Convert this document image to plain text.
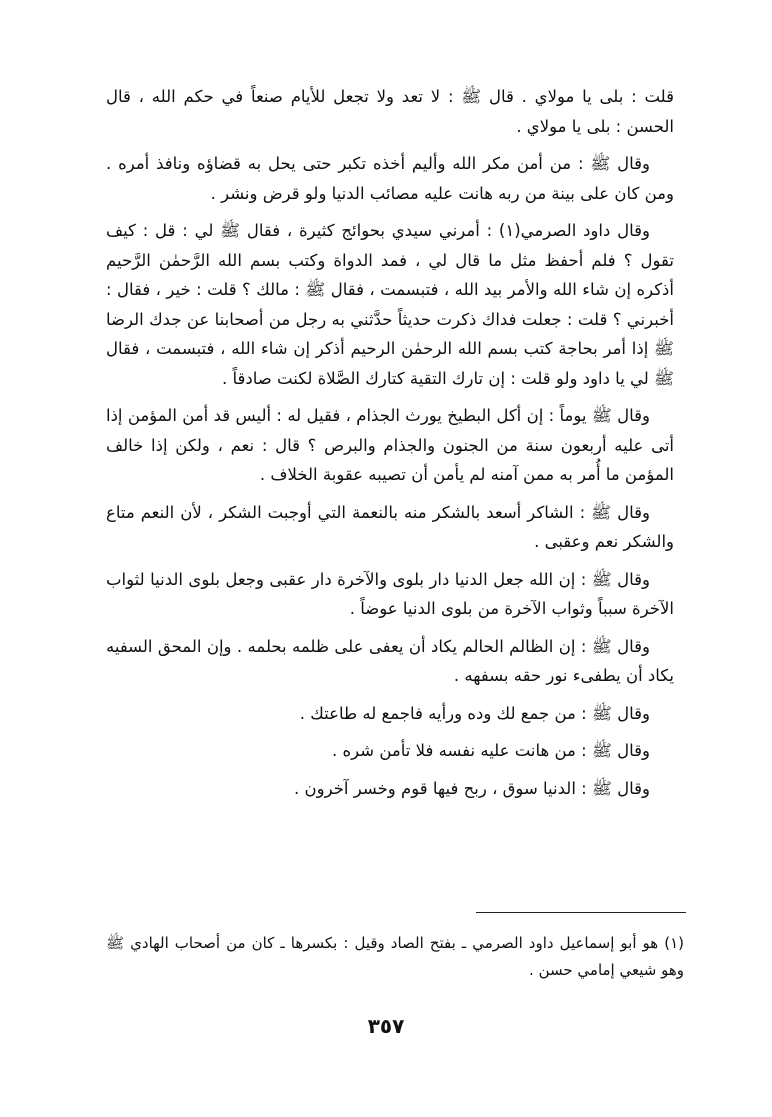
قلت : بلى يا مولاي . قال ﷺ : لا تعد ولا تجعل للأيام صنعاً في حكم الله ، قال الحسن : بلى يا مولاي .

وقال ﷺ : من أمن مكر الله وأليم أخذه تكبر حتى يحل به قضاؤه ونافذ أمره . ومن كان على بينة من ربه هانت عليه مصائب الدنيا ولو قرض ونشر .

وقال داود الصرمي(١) : أمرني سيدي بحوائج كثيرة ، فقال ﷺ لي : قل : كيف تقول ؟ فلم أحفظ مثل ما قال لي ، فمد الدواة وكتب بسم الله الرَّحمٰن الرَّحيم أذكره إن شاء الله والأمر بيد الله ، فتبسمت ، فقال ﷺ : مالك ؟ قلت : خير ، فقال : أخبرني ؟ قلت : جعلت فداك ذكرت حديثاً حدَّثني به رجل من أصحابنا عن جدك الرضا ﷺ إذا أمر بحاجة كتب بسم الله الرحمٰن الرحيم أذكر إن شاء الله ، فتبسمت ، فقال ﷺ لي يا داود ولو قلت : إن تارك التقية كتارك الصَّلاة لكنت صادقاً .

وقال ﷺ يوماً : إن أكل البطيخ يورث الجذام ، فقيل له : أليس قد أمن المؤمن إذا أتى عليه أربعون سنة من الجنون والجذام والبرص ؟ قال : نعم ، ولكن إذا خالف المؤمن ما أُمر به ممن آمنه لم يأمن أن تصيبه عقوبة الخلاف .

وقال ﷺ : الشاكر أسعد بالشكر منه بالنعمة التي أوجبت الشكر ، لأن النعم متاع والشكر نعم وعقبى .

وقال ﷺ : إن الله جعل الدنيا دار بلوى والآخرة دار عقبى وجعل بلوى الدنيا لثواب الآخرة سبباً وثواب الآخرة من بلوى الدنيا عوضاً .

وقال ﷺ : إن الظالم الحالم يكاد أن يعفى على ظلمه بحلمه . وإن المحق السفيه يكاد أن يطفىء نور حقه بسفهه .

وقال ﷺ : من جمع لك وده ورأيه فاجمع له طاعتك .

وقال ﷺ : من هانت عليه نفسه فلا تأمن شره .

وقال ﷺ : الدنيا سوق ، ربح فيها قوم وخسر آخرون .

(١) هو أبو إسماعيل داود الصرمي ـ بفتح الصاد وقيل : بكسرها ـ كان من أصحاب الهادي ﷺ وهو شيعي إمامي حسن .

٣٥٧
